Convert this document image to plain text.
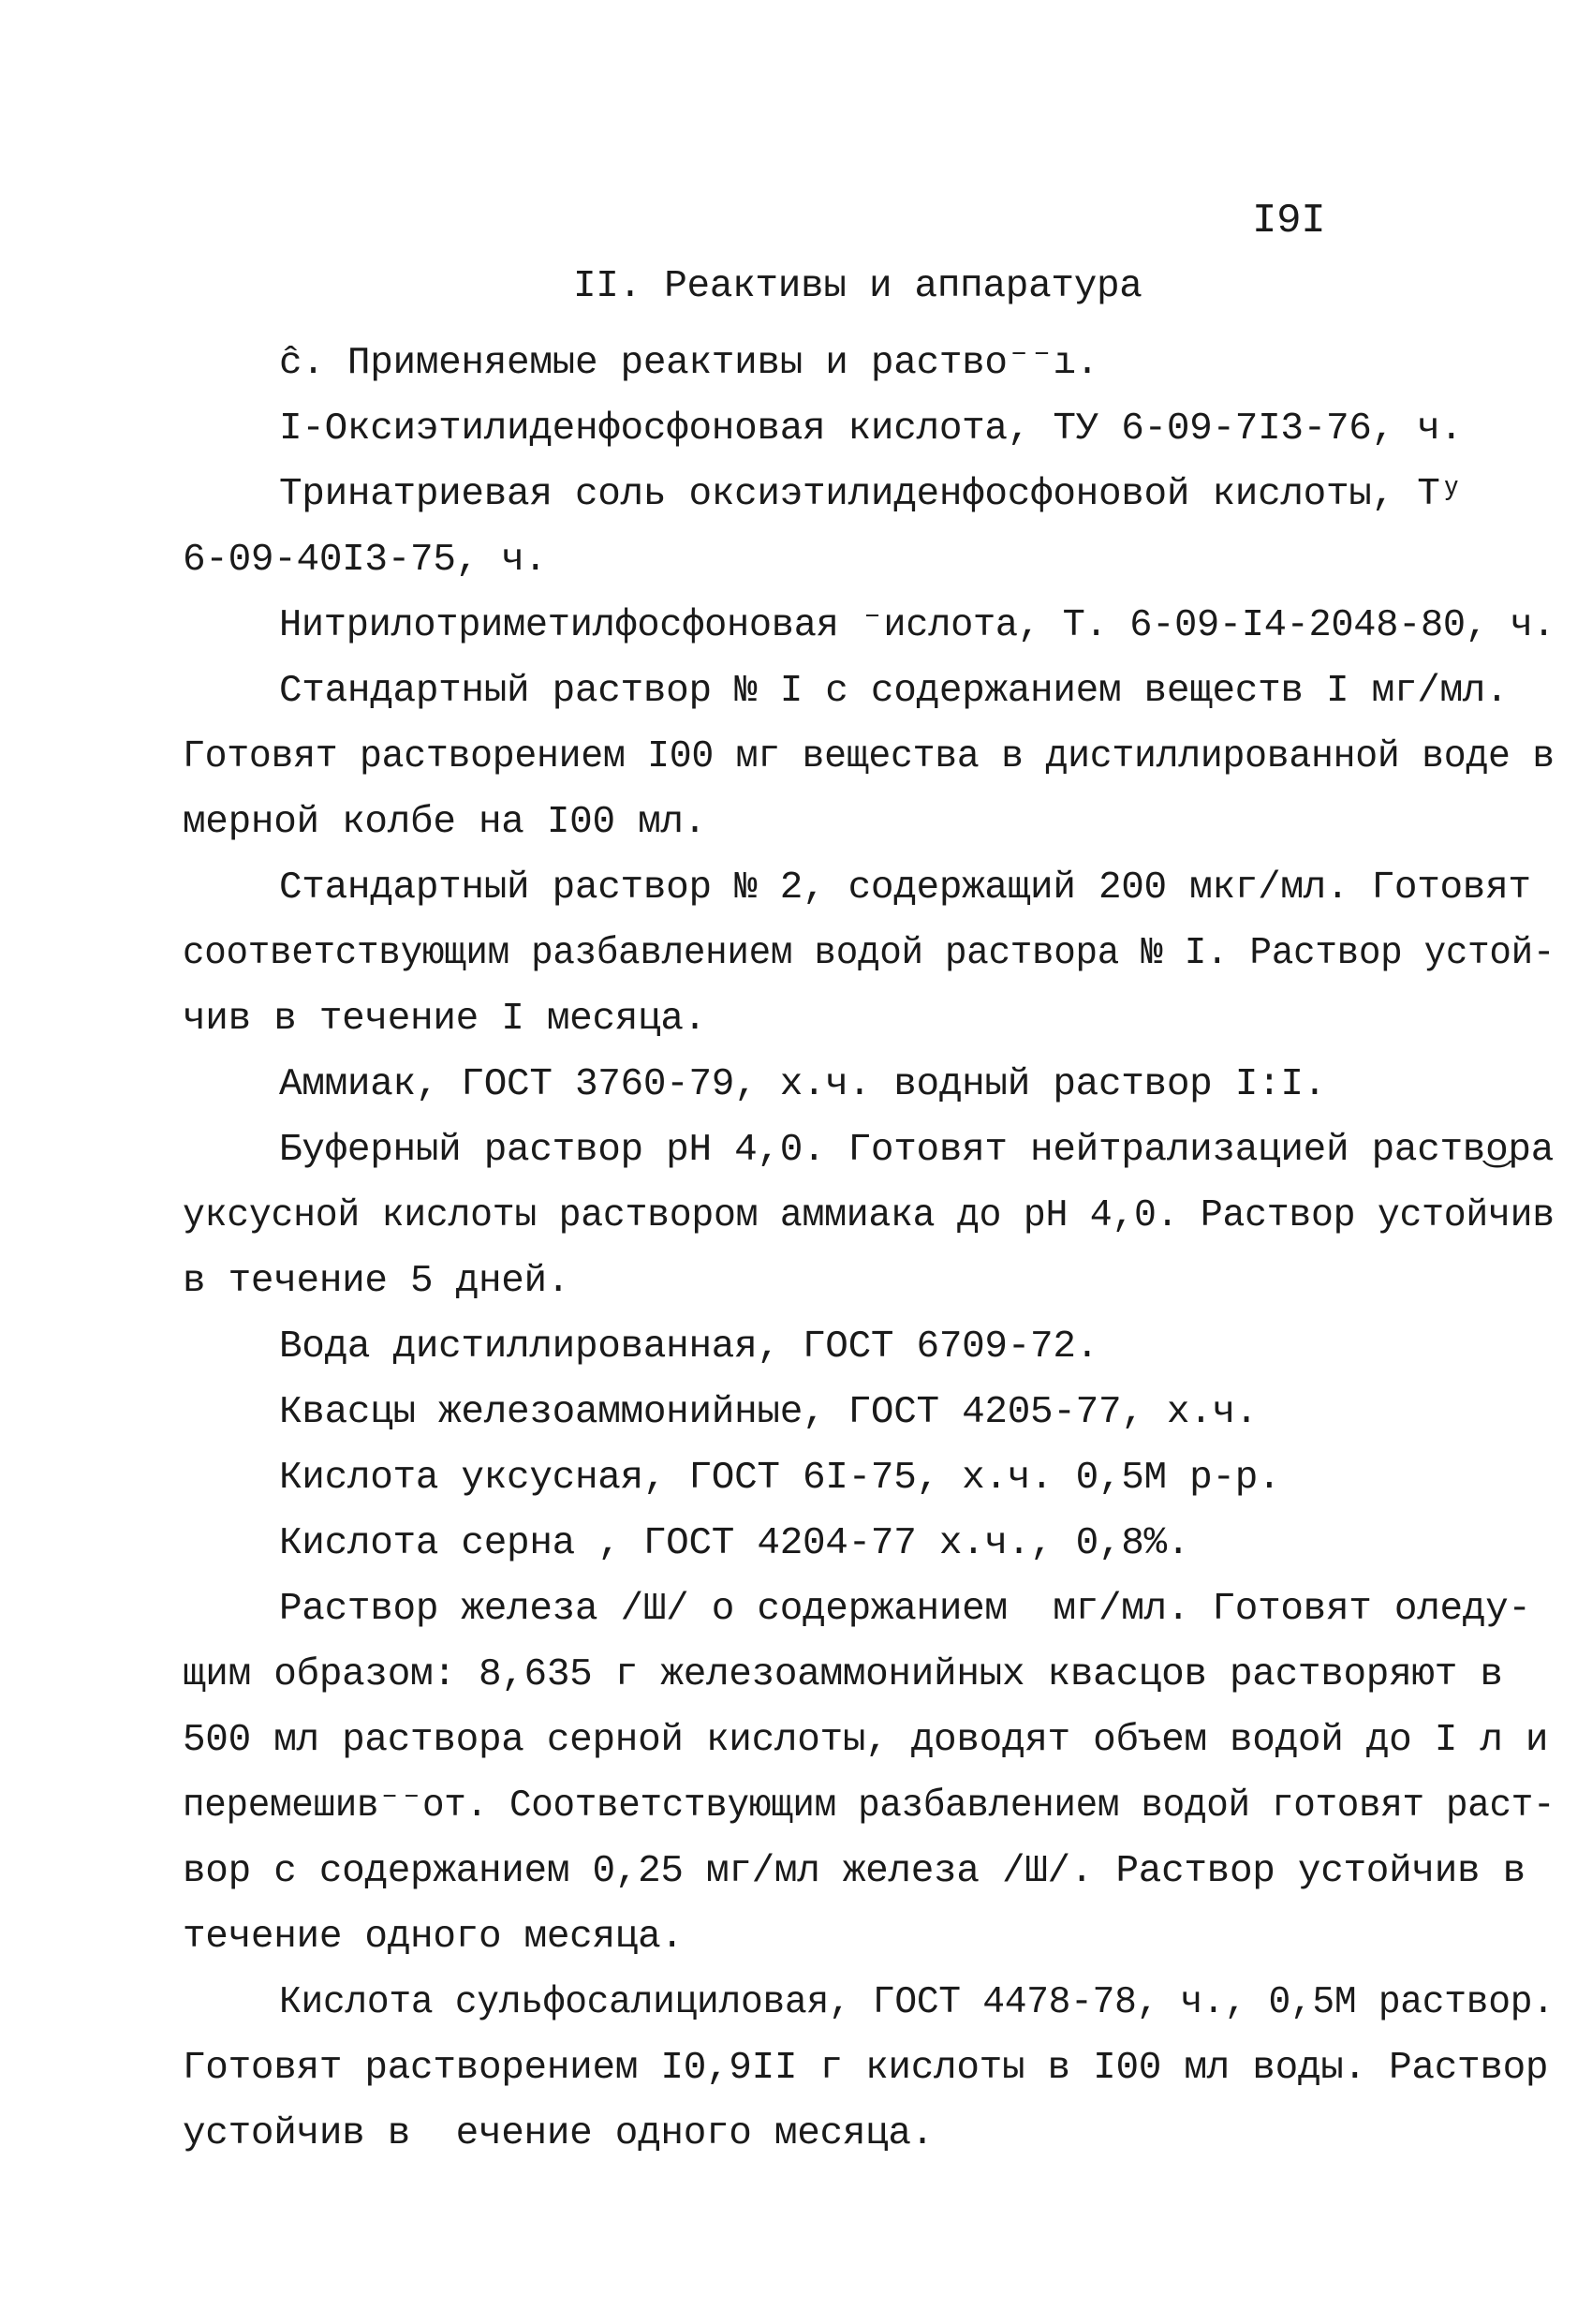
I9I
II. Реактивы и аппаратура
ĉ. Применяемые реактивы и раство⁻⁻ı.
I-Оксиэтилиденфосфоновая кислота, ТУ 6-09-7I3-76, ч.
Тринатриевая соль оксиэтилиденфосфоновой кислоты, Тʸ
6-09-40I3-75, ч.
Нитрилотриметилфосфоновая ⁻ислота, Т. 6-09-I4-2048-80, ч.
Стандартный раствор № I с содержанием веществ I мг/мл.
Готовят растворением I00 мг вещества в дистиллированной воде в
мерной колбе на I00 мл.
Стандартный раствор № 2, содержащий 200 мкг/мл. Готовят
соответствующим разбавлением водой раствора № I. Раствор устой-
чив в течение I месяца.
Аммиак, ГОСТ 3760-79, х.ч. водный раствор I:I.
Буферный раствор pH 4,0. Готовят нейтрализацией раств͜ора
уксусной кислоты раствором аммиака до pH 4,0. Раствор устойчив
в течение 5 дней.
Вода дистиллированная, ГОСТ 6709-72.
Квасцы железоаммонийные, ГОСТ 4205-77, х.ч.
Кислота уксусная, ГОСТ 6I-75, х.ч. 0,5М р-р.
Кислота серна , ГОСТ 4204-77 х.ч., 0,8%.
Раствор железа /Ш/ о содержанием  мг/мл. Готовят оледу-
щим образом: 8,635 г железоаммонийных квасцов растворяют в
500 мл раствора серной кислоты, доводят объем водой до I л и
перемешив⁻⁻от. Соответствующим разбавлением водой готовят раст-
вор с содержанием 0,25 мг/мл железа /Ш/. Раствор устойчив в
течение одного месяца.
Кислота сульфосалициловая, ГОСТ 4478-78, ч., 0,5М раствор.
Готовят растворением I0,9II г кислоты в I00 мл воды. Раствор
устойчив в  ечение одного месяца.
